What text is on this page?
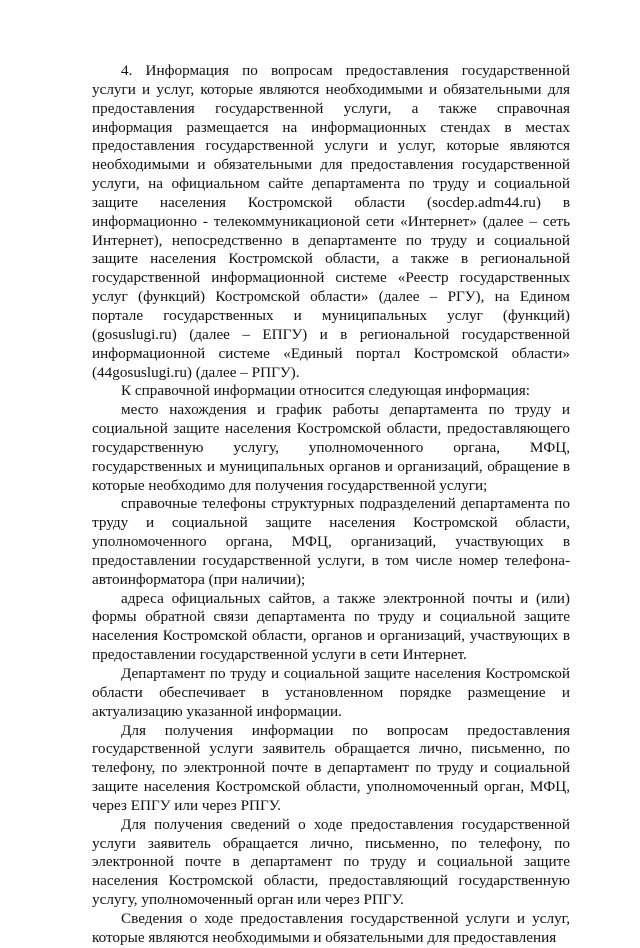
4. Информация по вопросам предоставления государственной услуги и услуг, которые являются необходимыми и обязательными для предоставления государственной услуги, а также справочная информация размещается на информационных стендах в местах предоставления государственной услуги и услуг, которые являются необходимыми и обязательными для предоставления государственной услуги, на официальном сайте департамента по труду и социальной защите населения Костромской области (socdep.adm44.ru) в информационно - телекоммуникационой сети «Интернет» (далее – сеть Интернет), непосредственно в департаменте по труду и социальной защите населения Костромской области, а также в региональной государственной информационной системе «Реестр государственных услуг (функций) Костромской области» (далее – РГУ), на Едином портале государственных и муниципальных услуг (функций) (gosuslugi.ru) (далее – ЕПГУ) и в региональной государственной информационной системе «Единый портал Костромской области» (44gosuslugi.ru) (далее – РПГУ).

К справочной информации относится следующая информация:

место нахождения и график работы департамента по труду и социальной защите населения Костромской области, предоставляющего государственную услугу, уполномоченного органа, МФЦ, государственных и муниципальных органов и организаций, обращение в которые необходимо для получения государственной услуги;

справочные телефоны структурных подразделений департамента по труду и социальной защите населения Костромской области, уполномоченного органа, МФЦ, организаций, участвующих в предоставлении государственной услуги, в том числе номер телефона-автоинформатора (при наличии);

адреса официальных сайтов, а также электронной почты и (или) формы обратной связи департамента по труду и социальной защите населения Костромской области, органов и организаций, участвующих в предоставлении государственной услуги в сети Интернет.

Департамент по труду и социальной защите населения Костромской области обеспечивает в установленном порядке размещение и актуализацию указанной информации.

Для получения информации по вопросам предоставления государственной услуги заявитель обращается лично, письменно, по телефону, по электронной почте в департамент по труду и социальной защите населения Костромской области, уполномоченный орган, МФЦ, через ЕПГУ или через РПГУ.

Для получения сведений о ходе предоставления государственной услуги заявитель обращается лично, письменно, по телефону, по электронной почте в департамент по труду и социальной защите населения Костромской области, предоставляющий государственную услугу, уполномоченный орган или через РПГУ.

Сведения о ходе предоставления государственной услуги и услуг, которые являются необходимыми и обязательными для предоставления
